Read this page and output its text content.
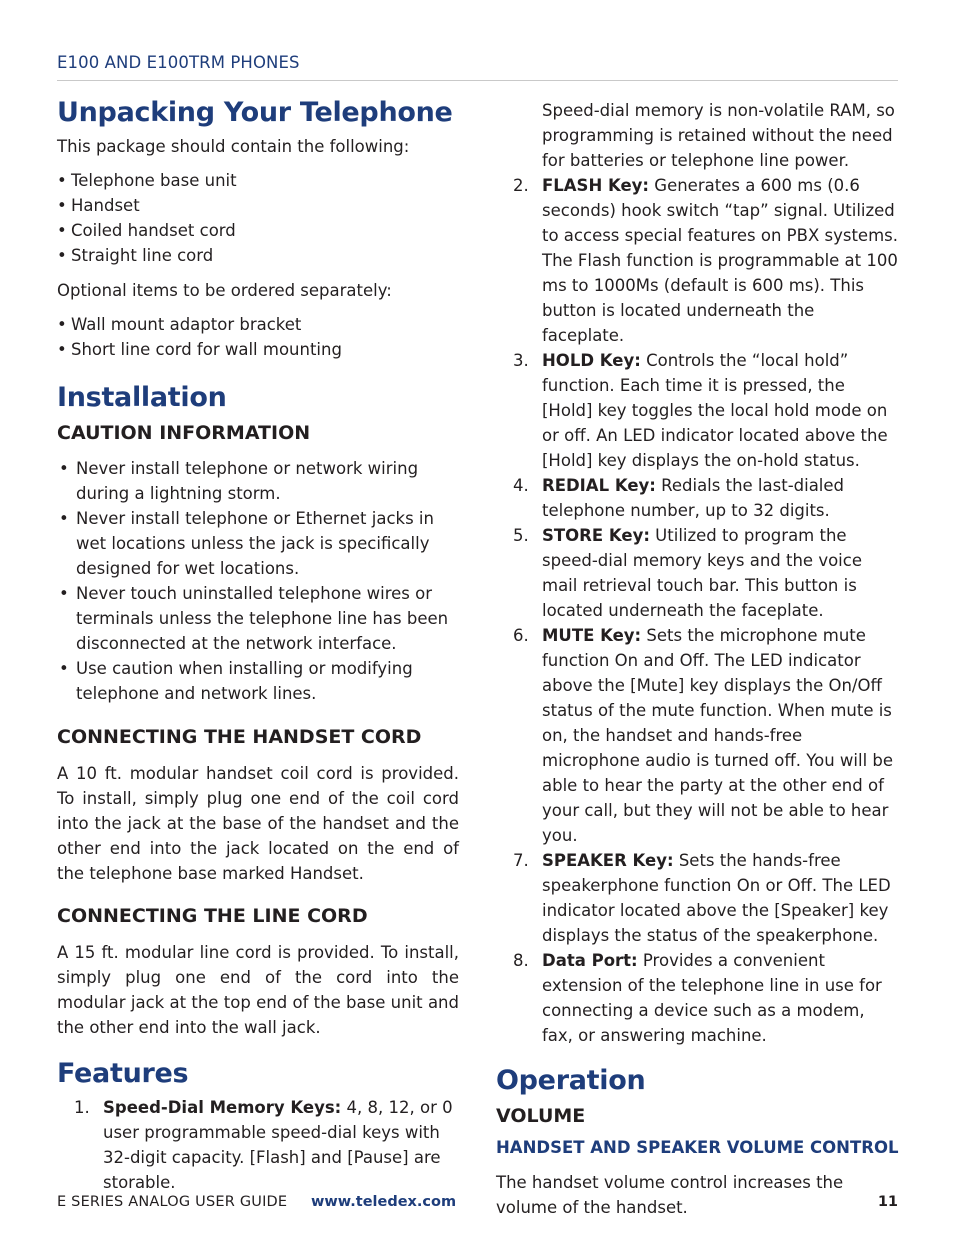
E100 AND E100TRM PHONES
Unpacking Your Telephone

This package should contain the following:

• Telephone base unit
• Handset
• Coiled handset cord
• Straight line cord

Optional items to be ordered separately:

• Wall mount adaptor bracket
• Short line cord for wall mounting
Installation
CAUTION INFORMATION
• Never install telephone or network wiring during a lightning storm.
• Never install telephone or Ethernet jacks in wet locations unless the jack is specifically designed for wet locations.
• Never touch uninstalled telephone wires or terminals unless the telephone line has been disconnected at the network interface.
• Use caution when installing or modifying telephone and network lines.
CONNECTING THE HANDSET CORD

A 10 ft. modular handset coil cord is provided. To install, simply plug one end of the coil cord into the jack at the base of the handset and the other end into the jack located on the end of the telephone base marked Handset.

CONNECTING THE LINE CORD

A 15 ft. modular line cord is provided. To install, simply plug one end of the cord into the modular jack at the top end of the base unit and the other end into the wall jack.

Features
1. Speed-Dial Memory Keys: 4, 8, 12, or 0 user programmable speed-dial keys with 32-digit capacity. [Flash] and [Pause] are storable.
Speed-dial memory is non-volatile RAM, so programming is retained without the need for batteries or telephone line power.
2. FLASH Key: Generates a 600 ms (0.6 seconds) hook switch “tap” signal. Utilized to access special features on PBX systems. The Flash function is programmable at 100 ms to 1000Ms (default is 600 ms). This button is located underneath the faceplate.
3. HOLD Key: Controls the “local hold” function. Each time it is pressed, the [Hold] key toggles the local hold mode on or off. An LED indicator located above the [Hold] key displays the on-hold status.
4. REDIAL Key: Redials the last-dialed telephone number, up to 32 digits.
5. STORE Key: Utilized to program the speed-dial memory keys and the voice mail retrieval touch bar. This button is located underneath the faceplate.
6. MUTE Key: Sets the microphone mute function On and Off. The LED indicator above the [Mute] key displays the On/Off status of the mute function. When mute is on, the handset and hands-free microphone audio is turned off. You will be able to hear the party at the other end of your call, but they will not be able to hear you.
7. SPEAKER Key: Sets the hands-free speakerphone function On or Off. The LED indicator located above the [Speaker] key displays the status of the speakerphone.
8. Data Port: Provides a convenient extension of the telephone line in use for connecting a device such as a modem, fax, or answering machine.
Operation
VOLUME
HANDSET AND SPEAKER VOLUME CONTROL

The handset volume control increases the volume of the handset.

E SERIES ANALOG USER GUIDE www.teledex.com	11
